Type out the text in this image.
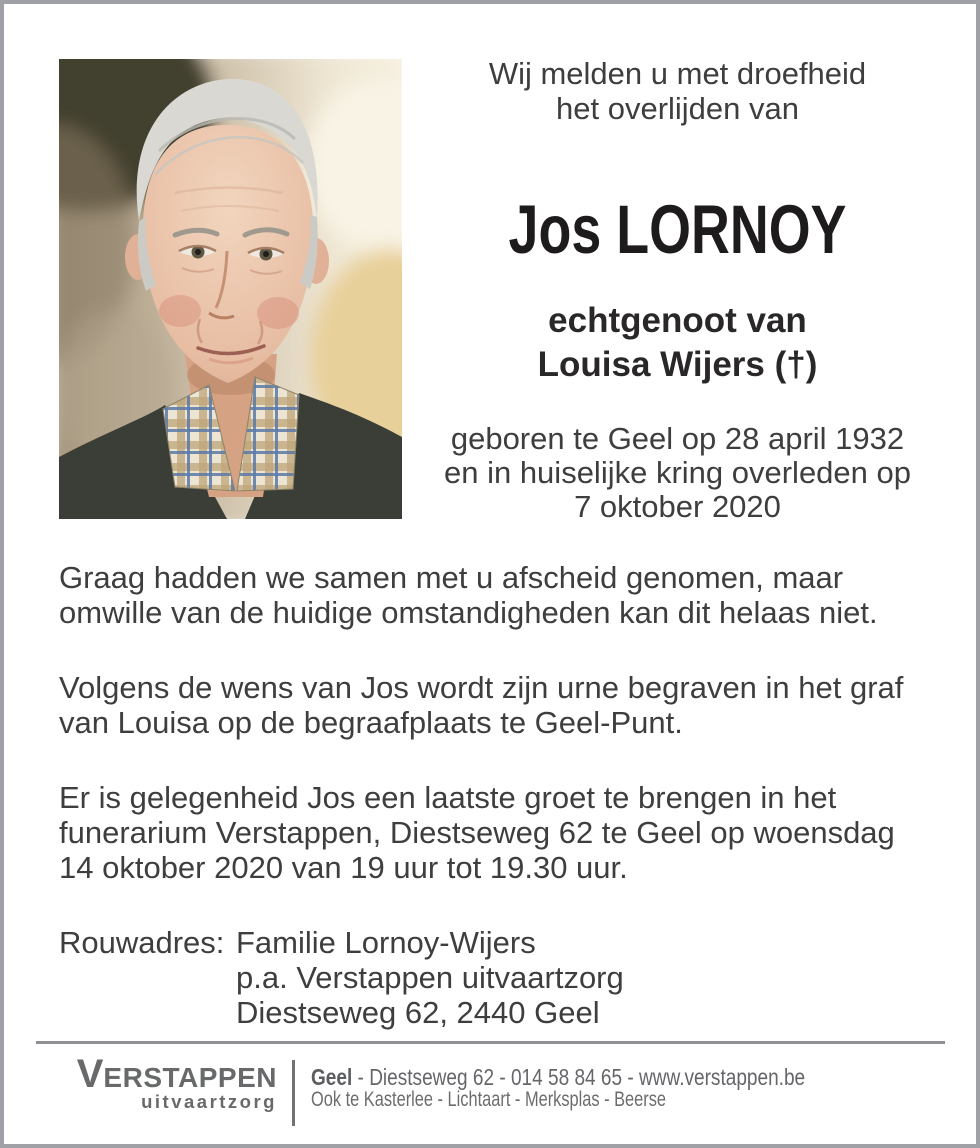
Wij melden u met droefheid
het overlijden van
Jos LORNOY
echtgenoot van
Louisa Wijers (†)
geboren te Geel op 28 april 1932
en in huiselijke kring overleden op
7 oktober 2020

Graag hadden we samen met u afscheid genomen, maar
omwille van de huidige omstandigheden kan dit helaas niet.

Volgens de wens van Jos wordt zijn urne begraven in het graf
van Louisa op de begraafplaats te Geel-Punt.

Er is gelegenheid Jos een laatste groet te brengen in het
funerarium Verstappen, Diestseweg 62 te Geel op woensdag
14 oktober 2020 van 19 uur tot 19.30 uur.

Rouwadres: Familie Lornoy-Wijers
p.a. Verstappen uitvaartzorg
Diestseweg 62, 2440 Geel
VERSTAPPEN
uitvaartzorg
Geel - Diestseweg 62 - 014 58 84 65 - www.verstappen.be
Ook te Kasterlee - Lichtaart - Merksplas - Beerse
